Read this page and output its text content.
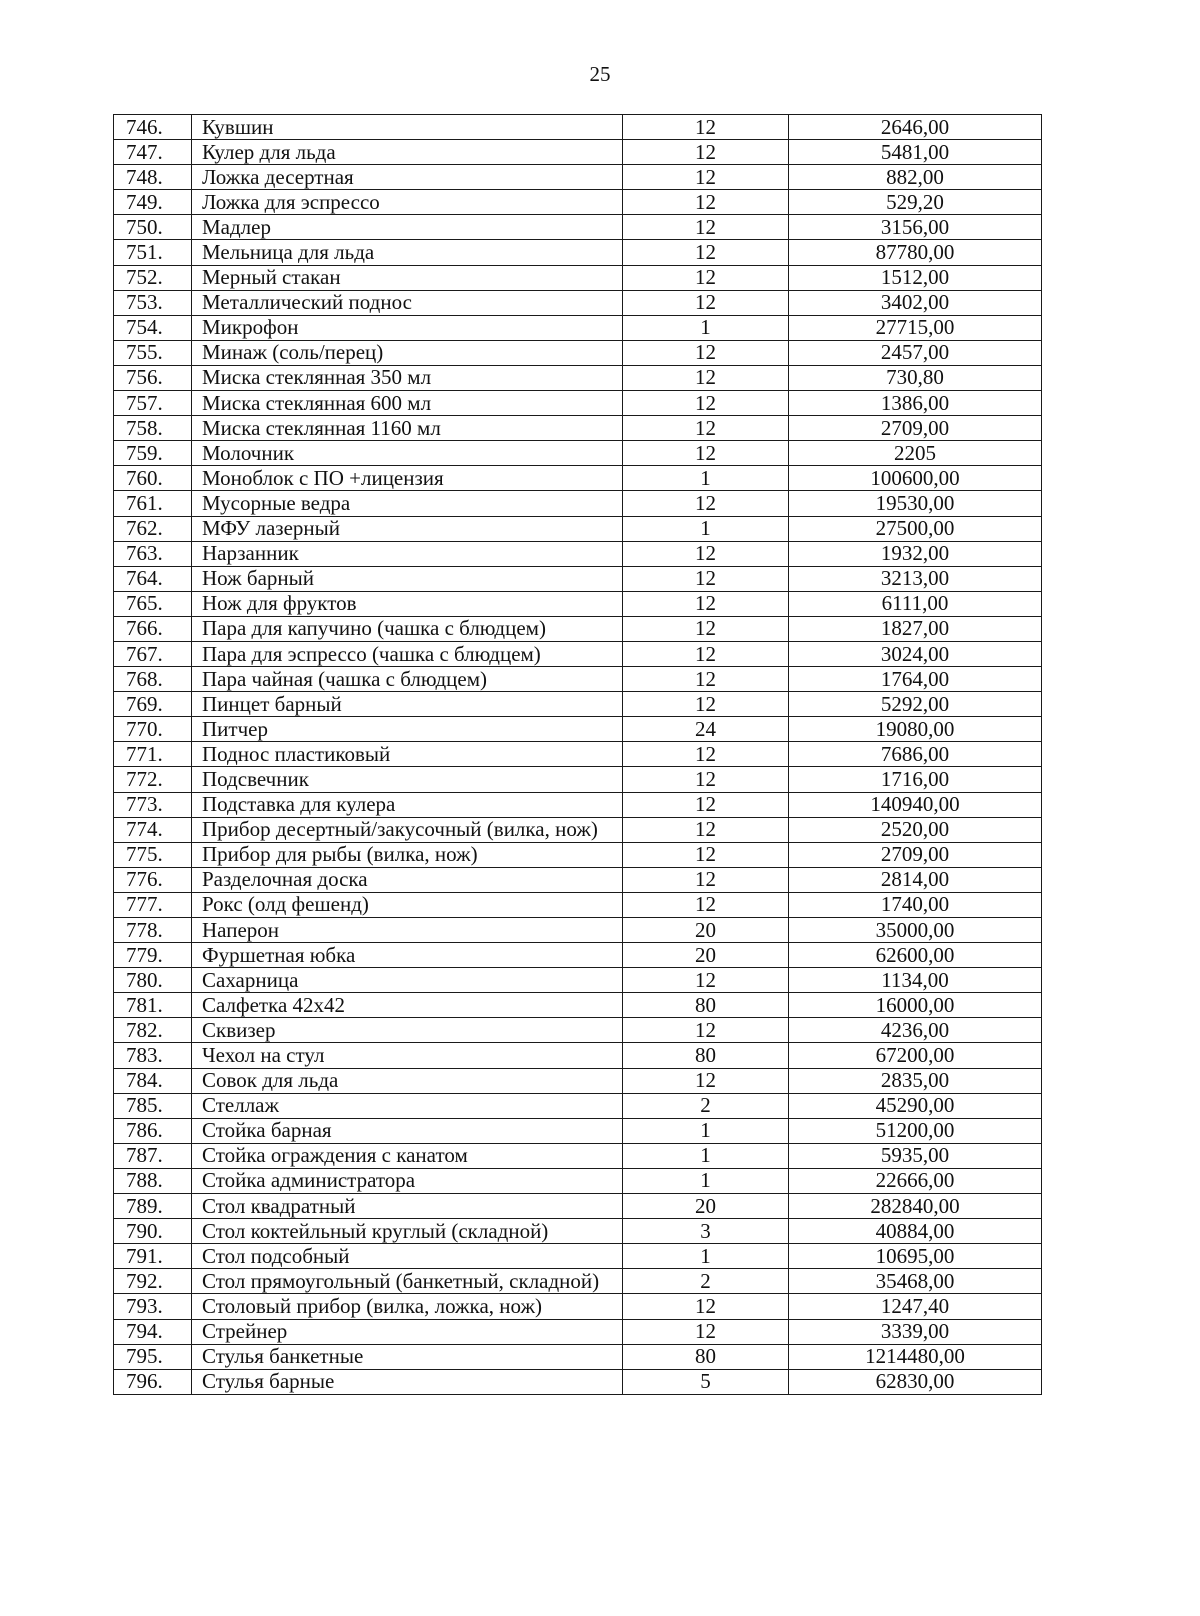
25
746.	Кувшин	12	2646,00
747.	Кулер для льда	12	5481,00
748.	Ложка десертная	12	882,00
749.	Ложка для эспрессо	12	529,20
750.	Мадлер	12	3156,00
751.	Мельница для льда	12	87780,00
752.	Мерный стакан	12	1512,00
753.	Металлический поднос	12	3402,00
754.	Микрофон	1	27715,00
755.	Минаж (соль/перец)	12	2457,00
756.	Миска стеклянная 350 мл	12	730,80
757.	Миска стеклянная 600 мл	12	1386,00
758.	Миска стеклянная 1160 мл	12	2709,00
759.	Молочник	12	2205
760.	Моноблок с ПО +лицензия	1	100600,00
761.	Мусорные ведра	12	19530,00
762.	МФУ лазерный	1	27500,00
763.	Нарзанник	12	1932,00
764.	Нож барный	12	3213,00
765.	Нож для фруктов	12	6111,00
766.	Пара для капучино (чашка с блюдцем)	12	1827,00
767.	Пара для эспрессо (чашка с блюдцем)	12	3024,00
768.	Пара чайная (чашка с блюдцем)	12	1764,00
769.	Пинцет барный	12	5292,00
770.	Питчер	24	19080,00
771.	Поднос пластиковый	12	7686,00
772.	Подсвечник	12	1716,00
773.	Подставка для кулера	12	140940,00
774.	Прибор десертный/закусочный (вилка, нож)	12	2520,00
775.	Прибор для рыбы (вилка, нож)	12	2709,00
776.	Разделочная доска	12	2814,00
777.	Рокс (олд фешенд)	12	1740,00
778.	Наперон	20	35000,00
779.	Фуршетная юбка	20	62600,00
780.	Сахарница	12	1134,00
781.	Салфетка 42х42	80	16000,00
782.	Сквизер	12	4236,00
783.	Чехол на стул	80	67200,00
784.	Совок для льда	12	2835,00
785.	Стеллаж	2	45290,00
786.	Стойка барная	1	51200,00
787.	Стойка ограждения с канатом	1	5935,00
788.	Стойка администратора	1	22666,00
789.	Стол квадратный	20	282840,00
790.	Стол коктейльный круглый (складной)	3	40884,00
791.	Стол подсобный	1	10695,00
792.	Стол прямоугольный (банкетный, складной)	2	35468,00
793.	Столовый прибор (вилка, ложка, нож)	12	1247,40
794.	Стрейнер	12	3339,00
795.	Стулья банкетные	80	1214480,00
796.	Стулья барные	5	62830,00
